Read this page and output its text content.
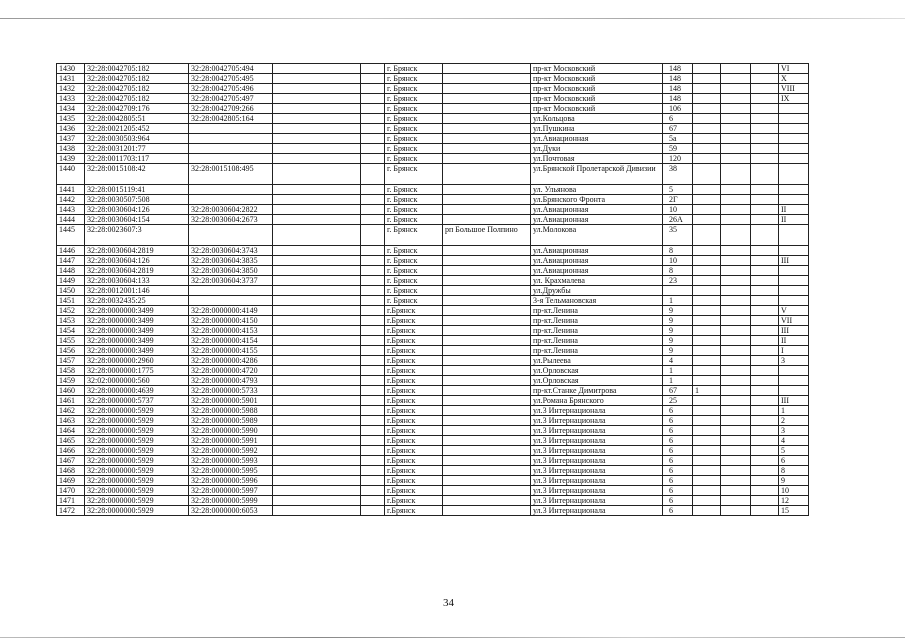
1430	32:28:0042705:182	32:28:0042705:494			г. Брянск		пр-кт Московский	148				VI
1431	32:28:0042705:182	32:28:0042705:495			г. Брянск		пр-кт Московский	148				X
1432	32:28:0042705:182	32:28:0042705:496			г. Брянск		пр-кт Московский	148				VIII
1433	32:28:0042705:182	32:28:0042705:497			г. Брянск		пр-кт Московский	148				IX
1434	32:28:0042709:176	32:28:0042709:266			г. Брянск		пр-кт Московский	106				
1435	32:28:0042805:51	32:28:0042805:164			г. Брянск		ул.Кольцова	6				
1436	32:28:0021205:452				г. Брянск		ул.Пушкина	67				
1437	32:28:0030503:964				г. Брянск		ул.Авиационная	5а				
1438	32:28:0031201:77				г. Брянск		ул.Дуки	59				
1439	32:28:0011703:117				г. Брянск		ул.Почтовая	120				
1440	32:28:0015108:42	32:28:0015108:495			г. Брянск		ул.Брянской Пролетарской Дивизии	38				
1441	32:28:0015119:41				г. Брянск		ул. Ульянова	5				
1442	32:28:0030507:508				г. Брянск		ул.Брянского Фронта	2Г				
1443	32:28:0030604:126	32:28:0030604:2822			г. Брянск		ул.Авиационная	10				II
1444	32:28:0030604:154	32:28:0030604:2673			г. Брянск		ул.Авиационная	26А				II
1445	32:28:0023607:3				г. Брянск	рп Большое Полпино	ул.Молокова	35				
1446	32:28:0030604:2819	32:28:0030604:3743			г. Брянск		ул.Авиационная	8				
1447	32:28:0030604:126	32:28:0030604:3835			г. Брянск		ул.Авиационная	10				III
1448	32:28:0030604:2819	32:28:0030604:3850			г. Брянск		ул.Авиационная	8				
1449	32:28:0030604:133	32:28:0030604:3737			г. Брянск		ул. Крахмалева	23				
1450	32:28:0012001:146				г. Брянск		ул.Дружбы					
1451	32:28:0032435:25				г. Брянск		3-я Тельмановская	1				
1452	32:28:0000000:3499	32:28:0000000:4149			г.Брянск		пр-кт.Ленина	9				V
1453	32:28:0000000:3499	32:28:0000000:4150			г.Брянск		пр-кт.Ленина	9				VII
1454	32:28:0000000:3499	32:28:0000000:4153			г.Брянск		пр-кт.Ленина	9				III
1455	32:28:0000000:3499	32:28:0000000:4154			г.Брянск		пр-кт.Ленина	9				II
1456	32:28:0000000:3499	32:28:0000000:4155			г.Брянск		пр-кт.Ленина	9				I
1457	32:28:0000000:2960	32:28:0000000:4286			г.Брянск		ул.Рылеева	4				3
1458	32:28:0000000:1775	32:28:0000000:4720			г.Брянск		ул.Орловская	1				
1459	32:02:0000000:560	32:28:0000000:4793			г.Брянск		ул.Орловская	1				
1460	32:28:0000000:4639	32:28:0000000:5733			г.Брянск		пр-кт.Станке Димитрова	67	1			
1461	32:28:0000000:5737	32:28:0000000:5901			г.Брянск		ул.Романа Брянского	25				III
1462	32:28:0000000:5929	32:28:0000000:5988			г.Брянск		ул.3 Интернационала	6				1
1463	32:28:0000000:5929	32:28:0000000:5989			г.Брянск		ул.3 Интернационала	6				2
1464	32:28:0000000:5929	32:28:0000000:5990			г.Брянск		ул.3 Интернационала	6				3
1465	32:28:0000000:5929	32:28:0000000:5991			г.Брянск		ул.3 Интернационала	6				4
1466	32:28:0000000:5929	32:28:0000000:5992			г.Брянск		ул.3 Интернационала	6				5
1467	32:28:0000000:5929	32:28:0000000:5993			г.Брянск		ул.3 Интернационала	6				6
1468	32:28:0000000:5929	32:28:0000000:5995			г.Брянск		ул.3 Интернационала	6				8
1469	32:28:0000000:5929	32:28:0000000:5996			г.Брянск		ул.3 Интернационала	6				9
1470	32:28:0000000:5929	32:28:0000000:5997			г.Брянск		ул.3 Интернационала	6				10
1471	32:28:0000000:5929	32:28:0000000:5999			г.Брянск		ул.3 Интернационала	6				12
1472	32:28:0000000:5929	32:28:0000000:6053			г.Брянск		ул.3 Интернационала	6				15
34
